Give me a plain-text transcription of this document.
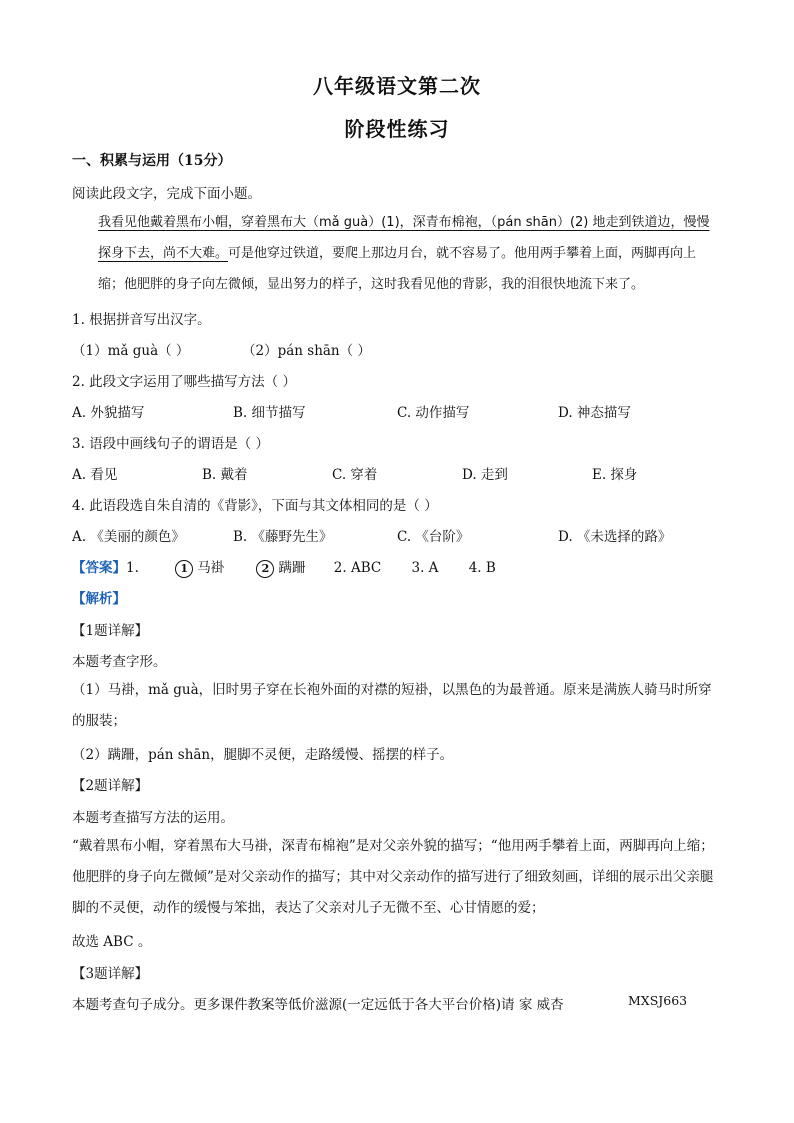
八年级语文第二次
阶段性练习
一、积累与运用（15分）
阅读此段文字，完成下面小题。
我看见他戴着黑布小帽，穿着黑布大（mǎ guà）(1)，深青布棉袍，（pán shān）(2) 地走到铁道边，慢慢探身下去，尚不大难。可是他穿过铁道，要爬上那边月台，就不容易了。他用两手攀着上面，两脚再向上缩；他肥胖的身子向左微倾，显出努力的样子，这时我看见他的背影，我的泪很快地流下来了。
1. 根据拼音写出汉字。
（1）mǎ guà（ ）	（2）pán shān（ ）
2. 此段文字运用了哪些描写方法（ ）
A. 外貌描写	B. 细节描写	C. 动作描写	D. 神态描写
3. 语段中画线句子的谓语是（ ）
A. 看见	B. 戴着	C. 穿着	D. 走到	E. 探身
4. 此语段选自朱自清的《背影》，下面与其文体相同的是（ ）
A. 《美丽的颜色》	B. 《藤野先生》	C. 《台阶》	D. 《未选择的路》
【答案】1.	1 马褂	2 蹒跚 2. ABC 3. A 4. B
【解析】
【1题详解】
本题考查字形。
（1）马褂，mǎ guà，旧时男子穿在长袍外面的对襟的短褂，以黑色的为最普通。原来是满族人骑马时所穿的服装；
（2）蹒跚，pán shān，腿脚不灵便，走路缓慢、摇摆的样子。
【2题详解】
本题考查描写方法的运用。
“戴着黑布小帽，穿着黑布大马褂，深青布棉袍”是对父亲外貌的描写；“他用两手攀着上面，两脚再向上缩；他肥胖的身子向左微倾”是对父亲动作的描写；其中对父亲动作的描写进行了细致刻画，详细的展示出父亲腿脚的不灵便，动作的缓慢与笨拙，表达了父亲对儿子无微不至、心甘情愿的爱；
故选 ABC 。
【3题详解】
本题考查句子成分。更多课件教案等低价滋源(一定远低于各大平台价格)请 家 威杏	MXSJ663
